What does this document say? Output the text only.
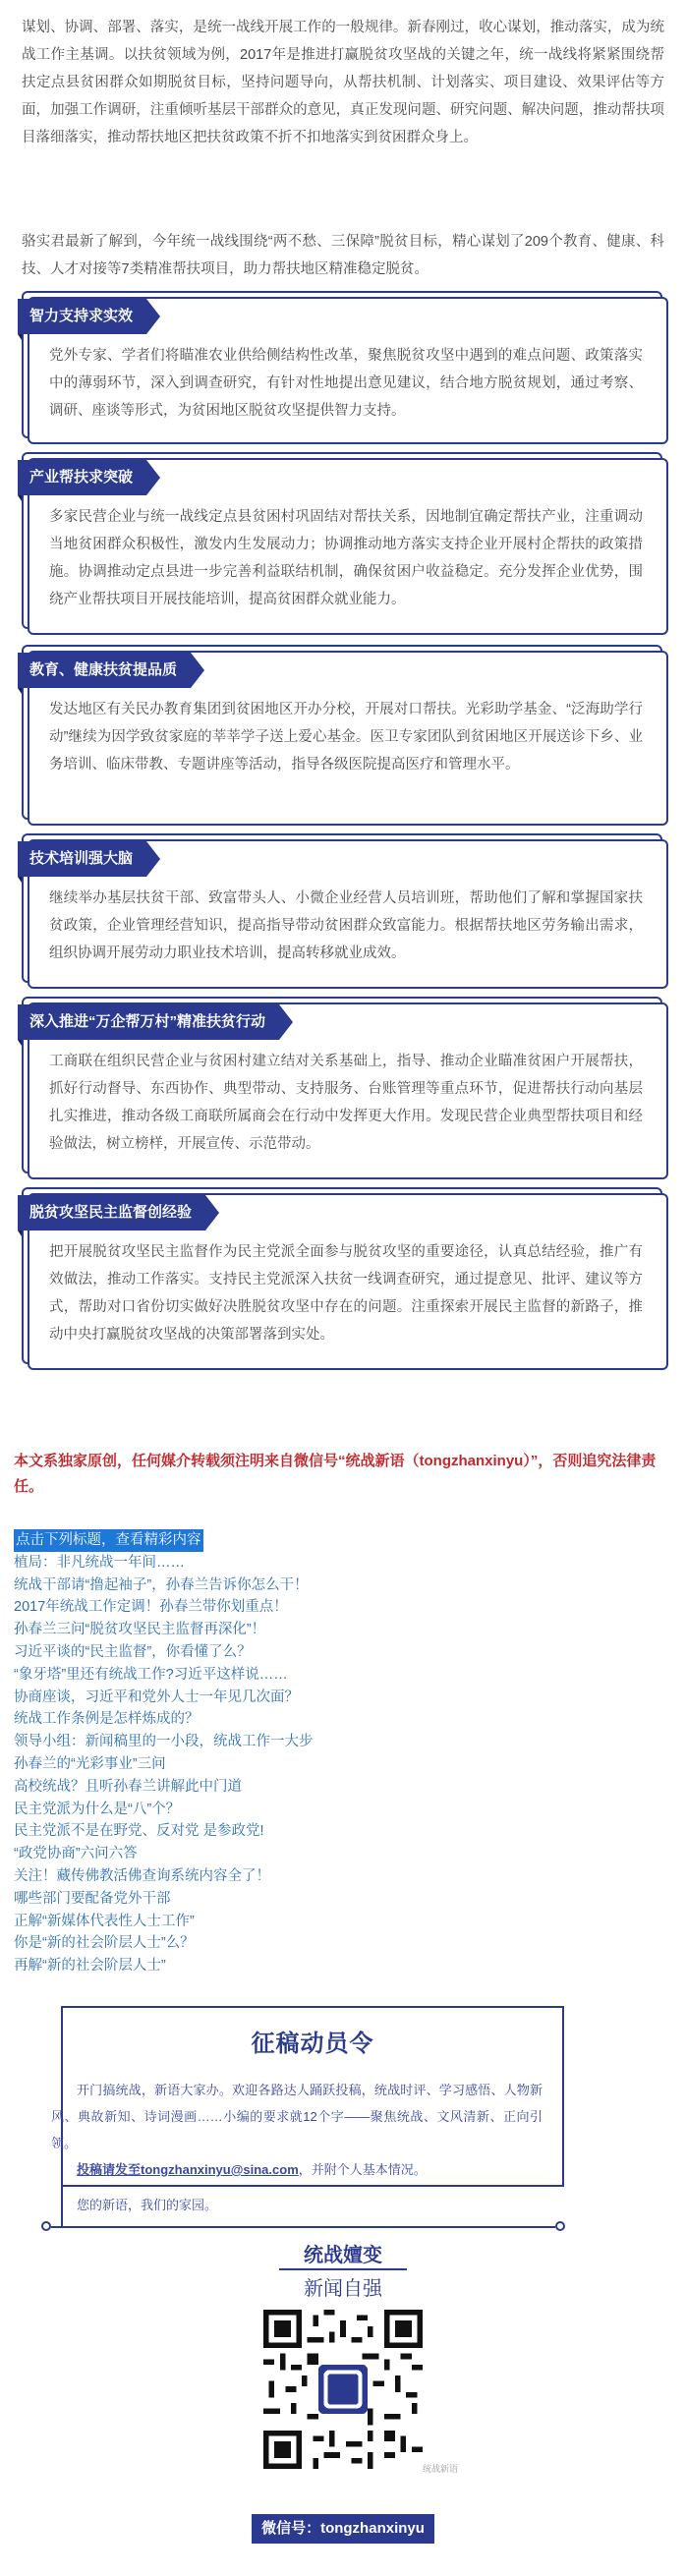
谋划、协调、部署、落实，是统一战线开展工作的一般规律。新春刚过，收心谋划，推动落实，成为统战工作主基调。以扶贫领域为例，2017年是推进打赢脱贫攻坚战的关键之年，统一战线将紧紧围绕帮扶定点县贫困群众如期脱贫目标，坚持问题导向，从帮扶机制、计划落实、项目建设、效果评估等方面，加强工作调研，注重倾听基层干部群众的意见，真正发现问题、研究问题、解决问题，推动帮扶项目落细落实，推动帮扶地区把扶贫政策不折不扣地落实到贫困群众身上。

骆实君最新了解到，今年统一战线围绕“两不愁、三保障”脱贫目标，精心谋划了209个教育、健康、科技、人才对接等7类精准帮扶项目，助力帮扶地区精准稳定脱贫。

智力支持求实效

党外专家、学者们将瞄准农业供给侧结构性改革，聚焦脱贫攻坚中遇到的难点问题、政策落实中的薄弱环节，深入到调查研究，有针对性地提出意见建议，结合地方脱贫规划，通过考察、调研、座谈等形式，为贫困地区脱贫攻坚提供智力支持。

产业帮扶求突破

多家民营企业与统一战线定点县贫困村巩固结对帮扶关系，因地制宜确定帮扶产业，注重调动当地贫困群众积极性，激发内生发展动力；协调推动地方落实支持企业开展村企帮扶的政策措施。协调推动定点县进一步完善利益联结机制，确保贫困户收益稳定。充分发挥企业优势，围绕产业帮扶项目开展技能培训，提高贫困群众就业能力。

教育、健康扶贫提品质

发达地区有关民办教育集团到贫困地区开办分校，开展对口帮扶。光彩助学基金、“泛海助学行动”继续为因学致贫家庭的莘莘学子送上爱心基金。医卫专家团队到贫困地区开展送诊下乡、业务培训、临床带教、专题讲座等活动，指导各级医院提高医疗和管理水平。

技术培训强大脑

继续举办基层扶贫干部、致富带头人、小微企业经营人员培训班，帮助他们了解和掌握国家扶贫政策，企业管理经营知识，提高指导带动贫困群众致富能力。根据帮扶地区劳务输出需求，组织协调开展劳动力职业技术培训，提高转移就业成效。

深入推进“万企帮万村”精准扶贫行动

工商联在组织民营企业与贫困村建立结对关系基础上，指导、推动企业瞄准贫困户开展帮扶，抓好行动督导、东西协作、典型带动、支持服务、台账管理等重点环节，促进帮扶行动向基层扎实推进，推动各级工商联所属商会在行动中发挥更大作用。发现民营企业典型帮扶项目和经验做法，树立榜样，开展宣传、示范带动。

脱贫攻坚民主监督创经验

把开展脱贫攻坚民主监督作为民主党派全面参与脱贫攻坚的重要途径，认真总结经验，推广有效做法，推动工作落实。支持民主党派深入扶贫一线调查研究，通过提意见、批评、建议等方式，帮助对口省份切实做好决胜脱贫攻坚中存在的问题。注重探索开展民主监督的新路子，推动中央打赢脱贫攻坚战的决策部署落到实处。

本文系独家原创，任何媒介转载须注明来自微信号“统战新语（tongzhanxinyu）”，否则追究法律责任。
点击下列标题，查看精彩内容
植局：非凡统战一年间……
统战干部请“撸起袖子”，孙春兰告诉你怎么干！
2017年统战工作定调！孙春兰带你划重点！
孙春兰三问“脱贫攻坚民主监督再深化”！
习近平谈的“民主监督”，你看懂了么？
“象牙塔”里还有统战工作?习近平这样说……
协商座谈，习近平和党外人士一年见几次面？
统战工作条例是怎样炼成的？
领导小组：新闻稿里的一小段，统战工作一大步
孙春兰的“光彩事业”三问
高校统战？且听孙春兰讲解此中门道
民主党派为什么是“八”个？
民主党派不是在野党、反对党 是参政党!
“政党协商”六问六答
关注！藏传佛教活佛查询系统内容全了！
哪些部门要配备党外干部
正解“新媒体代表性人士工作”
你是“新的社会阶层人士”么？
再解“新的社会阶层人士”
征稿动员令
开门搞统战，新语大家办。欢迎各路达人踊跃投稿，统战时评、学习感悟、人物新风、典故新知、诗词漫画……小编的要求就12个字——聚焦统战、文风清新、正向引领。
投稿请发至tongzhanxinyu@sina.com，并附个人基本情况。
您的新语，我们的家园。
统战嬗变
新闻自强
统战新语
微信号：tongzhanxinyu
